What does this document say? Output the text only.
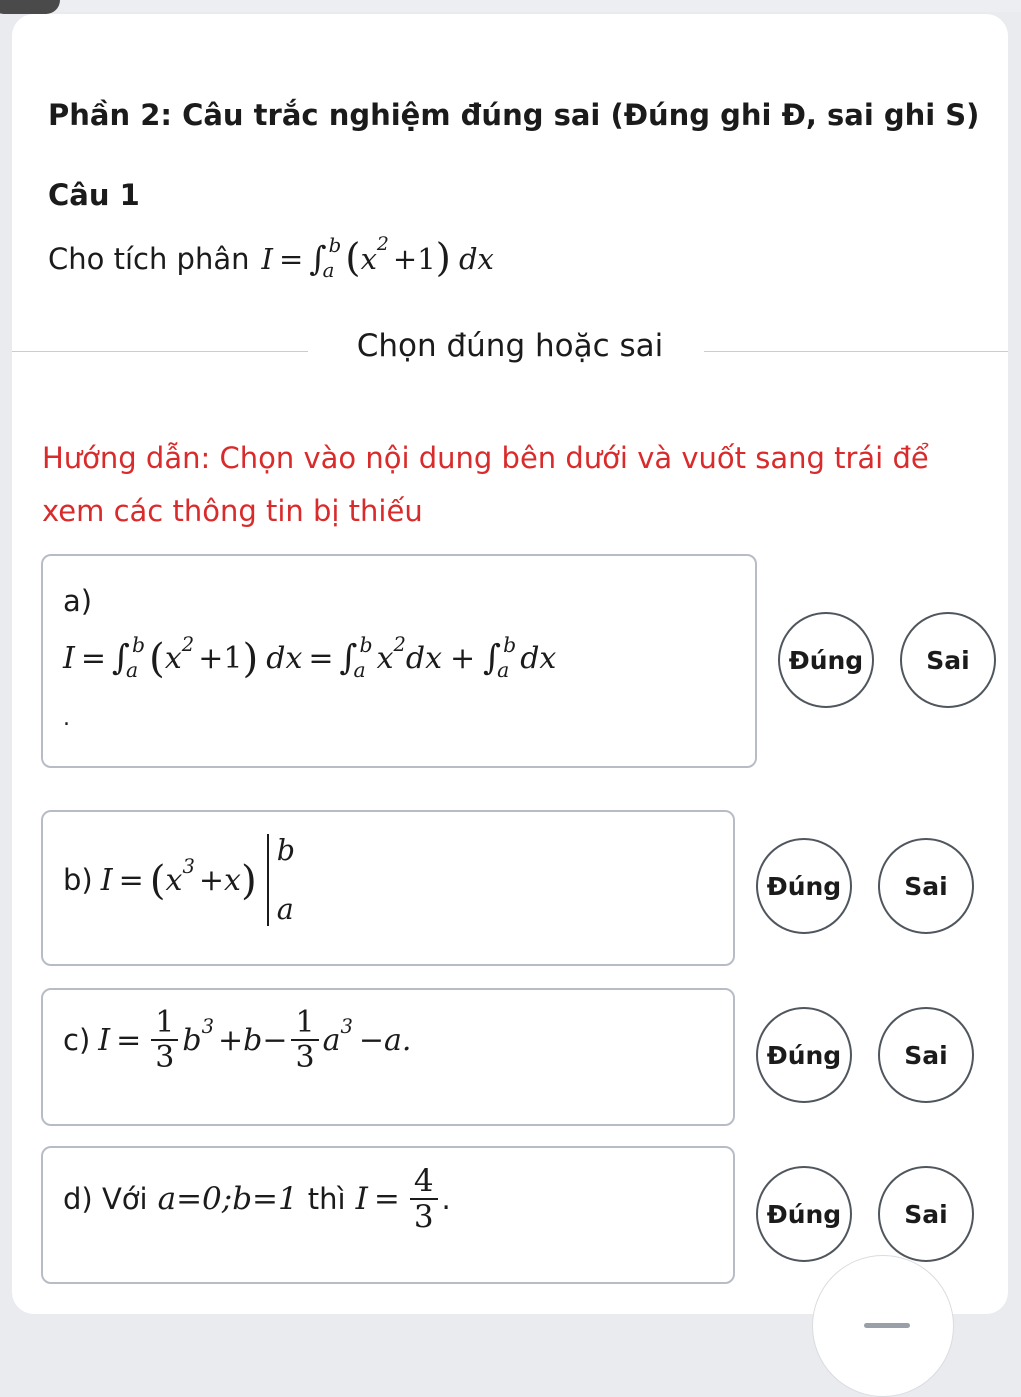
Phần 2: Câu trắc nghiệm đúng sai (Đúng ghi Đ, sai ghi S)
Câu 1
Cho tích phân I = ∫ b
a ( x 2 +1 ) dx
Chọn đúng hoặc sai
Hướng dẫn: Chọn vào nội dung bên dưới và vuốt sang trái để xem các thông tin bị thiếu
a)
I = ∫ b
a ( x 2 +1 ) dx = ∫ b
a x 2 dx + ∫ b
a dx
.
Đúng	Sai
b) I = ( x 3 +x )
b
a
Đúng	Sai
c) $I = \frac{1}{3}$ b $3 +b- \frac{1}{3}$ a 3 −a.	Đúng	Sai
d) Với a=0;b=1 thì $I = \frac{4}{3}$ .	Đúng	Sai
